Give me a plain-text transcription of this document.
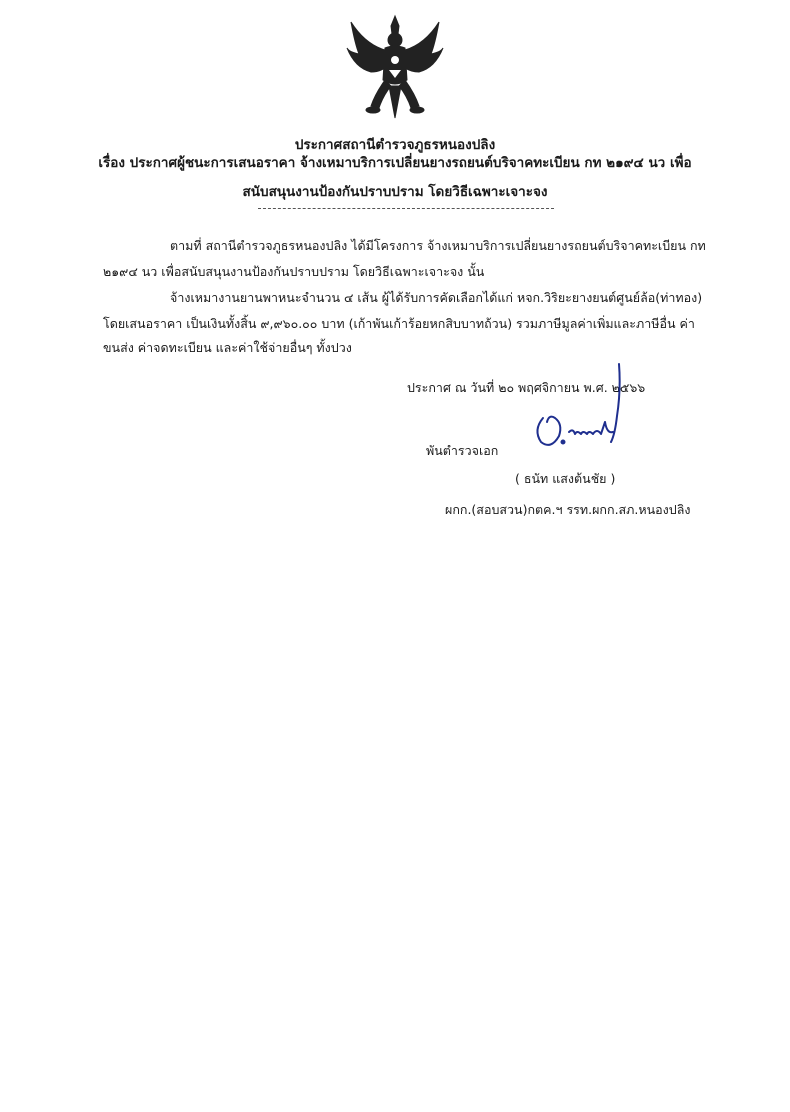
ประกาศสถานีตำรวจภูธรหนองปลิง
เรื่อง ประกาศผู้ชนะการเสนอราคา จ้างเหมาบริการเปลี่ยนยางรถยนต์บริจาคทะเบียน กท ๒๑๙๔ นว เพื่อ
สนับสนุนงานป้องกันปราบปราม โดยวิธีเฉพาะเจาะจง
ตามที่ สถานีตำรวจภูธรหนองปลิง ได้มีโครงการ จ้างเหมาบริการเปลี่ยนยางรถยนต์บริจาคทะเบียน กท
๒๑๙๔ นว เพื่อสนับสนุนงานป้องกันปราบปราม โดยวิธีเฉพาะเจาะจง นั้น
จ้างเหมางานยานพาหนะจำนวน ๔ เส้น ผู้ได้รับการคัดเลือกได้แก่ หจก.วิริยะยางยนต์ศูนย์ล้อ(ท่าทอง)
โดยเสนอราคา เป็นเงินทั้งสิ้น ๙,๙๖๐.๐๐ บาท (เก้าพันเก้าร้อยหกสิบบาทถ้วน) รวมภาษีมูลค่าเพิ่มและภาษีอื่น ค่า
ขนส่ง ค่าจดทะเบียน และค่าใช้จ่ายอื่นๆ ทั้งปวง
ประกาศ ณ วันที่ ๒๐ พฤศจิกายน พ.ศ. ๒๕๖๖
พันตำรวจเอก
( ธนัท แสงต้นชัย )
ผกก.(สอบสวน)กตค.ฯ รรท.ผกก.สภ.หนองปลิง
